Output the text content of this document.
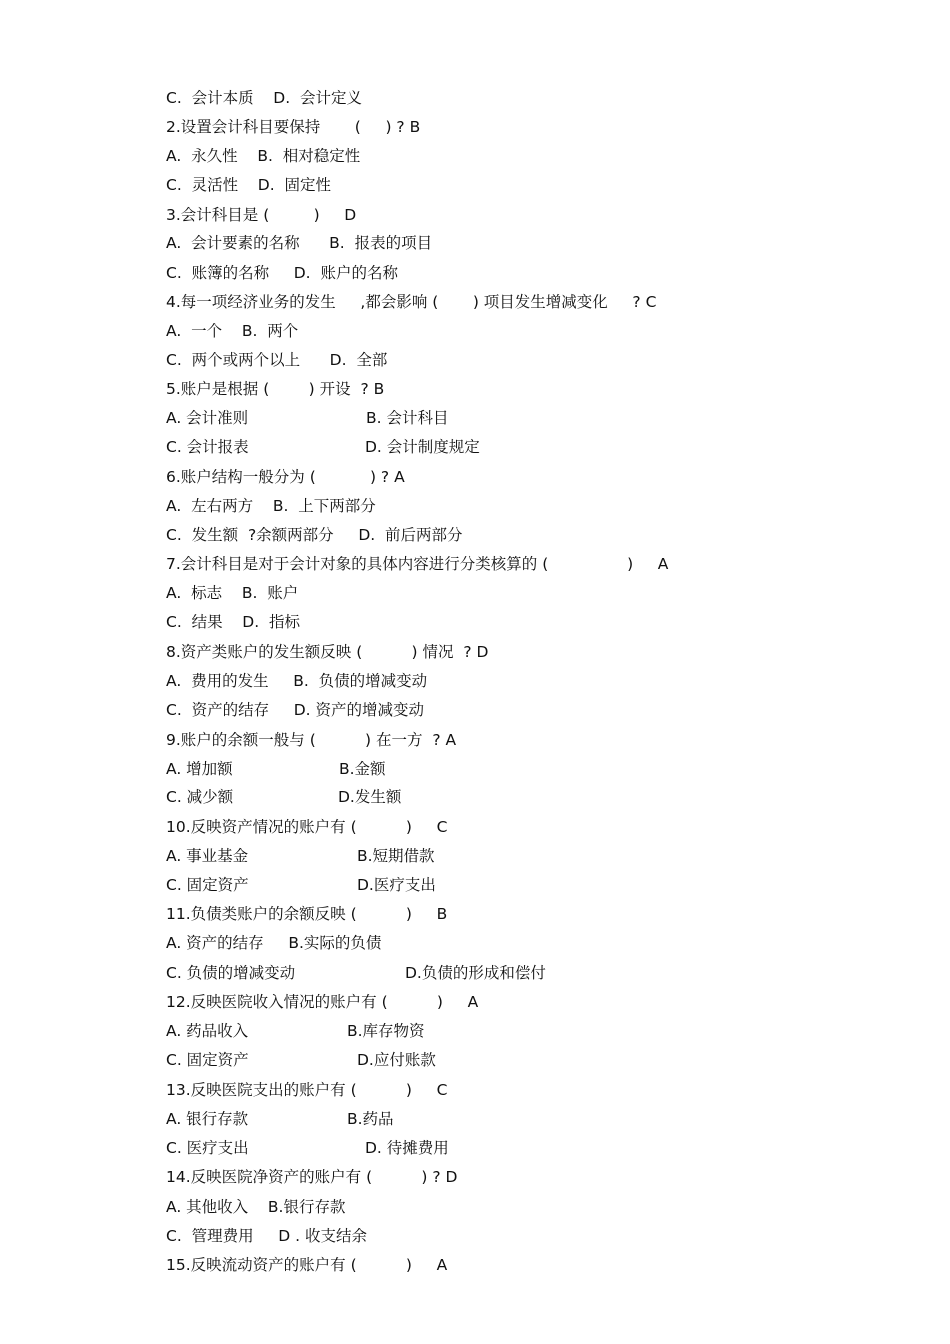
C.  会计本质    D.  会计定义
2.设置会计科目要保持       (     ) ? B
A.  永久性    B.  相对稳定性
C.  灵活性    D.  固定性
3.会计科目是 (         )     D
A.  会计要素的名称      B.  报表的项目
C.  账簿的名称     D.  账户的名称
4.每一项经济业务的发生     ,都会影响 (       ) 项目发生增减变化     ? C
A.  一个    B.  两个
C.  两个或两个以上      D.  全部
5.账户是根据 (        ) 开设  ? B
A. 会计准则	B. 会计科目
C. 会计报表	D. 会计制度规定
6.账户结构一般分为 (           ) ? A
A.  左右两方    B.  上下两部分
C.  发生额  ?余额两部分     D.  前后两部分
7.会计科目是对于会计对象的具体内容进行分类核算的 (                )     A
A.  标志    B.  账户
C.  结果    D.  指标
8.资产类账户的发生额反映 (          ) 情况  ? D
A.  费用的发生     B.  负债的增减变动
C.  资产的结存     D. 资产的增减变动
9.账户的余额一般与 (          ) 在一方  ? A
A. 增加额	B.金额
C. 减少额	D.发生额
10.反映资产情况的账户有 (          )     C
A. 事业基金	B.短期借款
C. 固定资产	D.医疗支出
11.负债类账户的余额反映 (          )     B
A. 资产的结存     B.实际的负债
C. 负债的增减变动	D.负债的形成和偿付
12.反映医院收入情况的账户有 (          )     A
A. 药品收入	B.库存物资
C. 固定资产	D.应付账款
13.反映医院支出的账户有 (          )     C
A. 银行存款	B.药品
C. 医疗支出	D. 待摊费用
14.反映医院净资产的账户有 (          ) ? D
A. 其他收入    B.银行存款
C.  管理费用     D . 收支结余
15.反映流动资产的账户有 (          )     A
